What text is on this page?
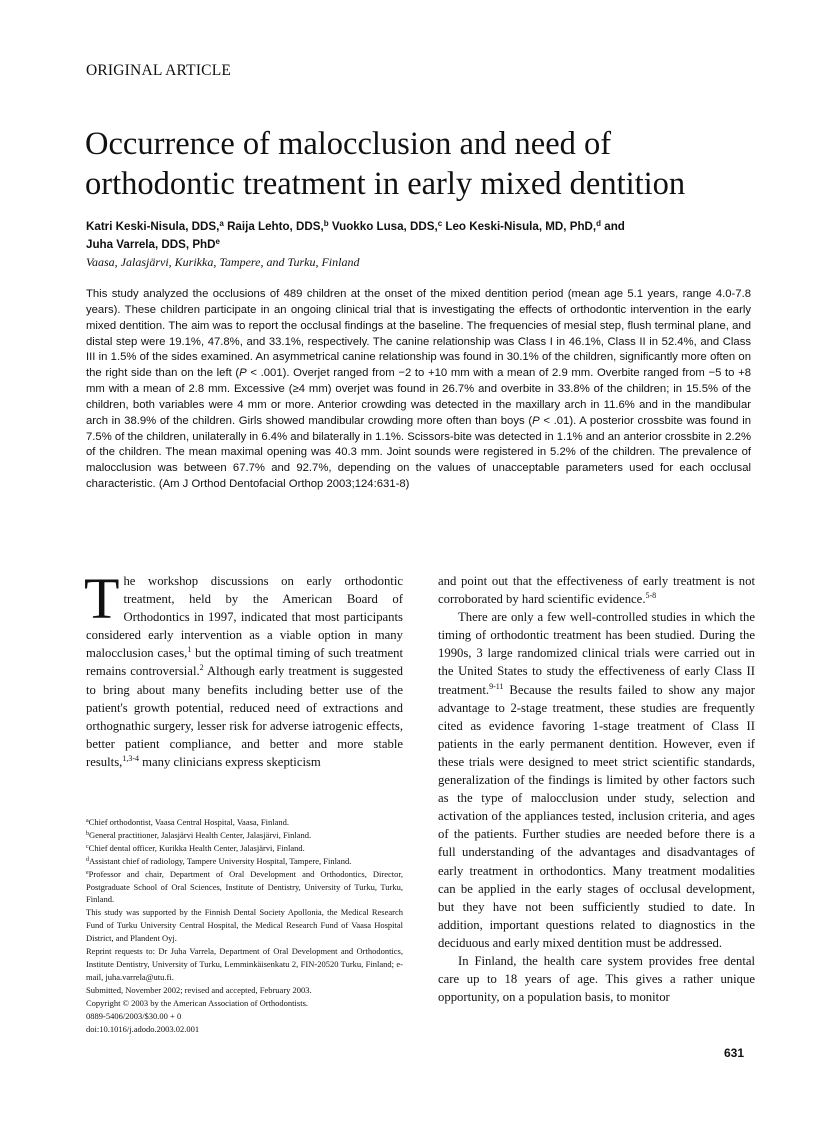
ORIGINAL ARTICLE
Occurrence of malocclusion and need of
orthodontic treatment in early mixed dentition
Katri Keski-Nisula, DDS,$^a$ Raija Lehto, DDS,$^b$ Vuokko Lusa, DDS,$^c$ Leo Keski-Nisula, MD, PhD,$^d$ and
Juha Varrela, DDS, PhD$^e$
Vaasa, Jalasjärvi, Kurikka, Tampere, and Turku, Finland

This study analyzed the occlusions of 489 children at the onset of the mixed dentition period (mean age 5.1 years, range 4.0-7.8 years). These children participate in an ongoing clinical trial that is investigating the effects of orthodontic intervention in the early mixed dentition. The aim was to report the occlusal findings at the baseline. The frequencies of mesial step, flush terminal plane, and distal step were 19.1%, 47.8%, and 33.1%, respectively. The canine relationship was Class I in 46.1%, Class II in 52.4%, and Class III in 1.5% of the sides examined. An asymmetrical canine relationship was found in 30.1% of the children, significantly more often on the right side than on the left (P < .001). Overjet ranged from −2 to +10 mm with a mean of 2.9 mm. Overbite ranged from −5 to +8 mm with a mean of 2.8 mm. Excessive (≥4 mm) overjet was found in 26.7% and overbite in 33.8% of the children; in 15.5% of the children, both variables were 4 mm or more. Anterior crowding was detected in the maxillary arch in 11.6% and in the mandibular arch in 38.9% of the children. Girls showed mandibular crowding more often than boys (P < .01). A posterior crossbite was found in 7.5% of the children, unilaterally in 6.4% and bilaterally in 1.1%. Scissors-bite was detected in 1.1% and an anterior crossbite in 2.2% of the children. The mean maximal opening was 40.3 mm. Joint sounds were registered in 5.2% of the children. The prevalence of malocclusion was between 67.7% and 92.7%, depending on the values of unacceptable parameters used for each occlusal characteristic. (Am J Orthod Dentofacial Orthop 2003;124:631-8)

The workshop discussions on early orthodontic treatment, held by the American Board of Orthodontics in 1997, indicated that most participants considered early intervention as a viable option in many malocclusion cases,$^1$ but the optimal timing of such treatment remains controversial.$^2$ Although early treatment is suggested to bring about many benefits including better use of the patient's growth potential, reduced need of extractions and orthognathic surgery, lesser risk for adverse iatrogenic effects, better patient compliance, and better and more stable results,$^{1,3-4}$ many clinicians express skepticism

$^a$Chief orthodontist, Vaasa Central Hospital, Vaasa, Finland.

$^b$General practitioner, Jalasjärvi Health Center, Jalasjärvi, Finland.

$^c$Chief dental officer, Kurikka Health Center, Jalasjärvi, Finland.

$^d$Assistant chief of radiology, Tampere University Hospital, Tampere, Finland.

$^e$Professor and chair, Department of Oral Development and Orthodontics, Director, Postgraduate School of Oral Sciences, Institute of Dentistry, University of Turku, Turku, Finland.

This study was supported by the Finnish Dental Society Apollonia, the Medical Research Fund of Turku University Central Hospital, the Medical Research Fund of Vaasa Hospital District, and Plandent Oyj.

Reprint requests to: Dr Juha Varrela, Department of Oral Development and Orthodontics, Institute Dentistry, University of Turku, Lemminkäisenkatu 2, FIN-20520 Turku, Finland; e-mail, juha.varrela@utu.fi.

Submitted, November 2002; revised and accepted, February 2003.

Copyright © 2003 by the American Association of Orthodontists.

0889-5406/2003/$30.00 + 0

doi:10.1016/j.adodo.2003.02.001

and point out that the effectiveness of early treatment is not corroborated by hard scientific evidence.$^{5-8}$

There are only a few well-controlled studies in which the timing of orthodontic treatment has been studied. During the 1990s, 3 large randomized clinical trials were carried out in the United States to study the effectiveness of early Class II treatment.$^{9-11}$ Because the results failed to show any major advantage to 2-stage treatment, these studies are frequently cited as evidence favoring 1-stage treatment of Class II patients in the early permanent dentition. However, even if these trials were designed to meet strict scientific standards, generalization of the findings is limited by other factors such as the type of malocclusion under study, selection and activation of the appliances tested, inclusion criteria, and ages of the patients. Further studies are needed before there is a full understanding of the advantages and disadvantages of early treatment in orthodontics. Many treatment modalities can be applied in the early stages of occlusal development, but they have not been sufficiently studied to date. In addition, important questions related to diagnostics in the deciduous and early mixed dentition must be addressed.

In Finland, the health care system provides free dental care up to 18 years of age. This gives a rather unique opportunity, on a population basis, to monitor

631
